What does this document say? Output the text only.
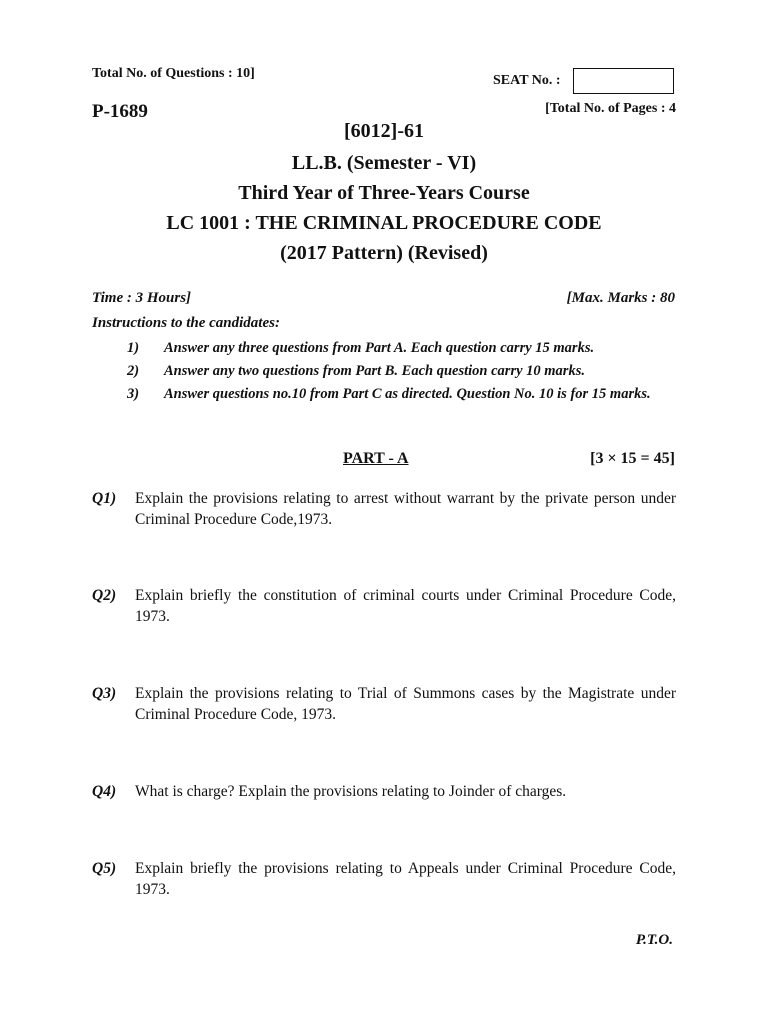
Total No. of Questions : 10]	SEAT No. :
P-1689	[Total No. of Pages : 4
[6012]-61
LL.B. (Semester - VI)
Third Year of Three-Years Course
LC 1001 : THE CRIMINAL PROCEDURE CODE
(2017 Pattern) (Revised)
Time : 3 Hours]	[Max. Marks : 80
Instructions to the candidates:
1) Answer any three questions from Part A. Each question carry 15 marks.
2) Answer any two questions from Part B. Each question carry 10 marks.
3) Answer questions no.10 from Part C as directed. Question No. 10 is for 15 marks.
PART - A	[3 × 15 = 45]
Q1) Explain the provisions relating to arrest without warrant by the private person under Criminal Procedure Code,1973.
Q2) Explain briefly the constitution of criminal courts under Criminal Procedure Code, 1973.
Q3) Explain the provisions relating to Trial of Summons cases by the Magistrate under Criminal Procedure Code, 1973.
Q4) What is charge? Explain the provisions relating to Joinder of charges.
Q5) Explain briefly the provisions relating to Appeals under Criminal Procedure Code, 1973.
P.T.O.
